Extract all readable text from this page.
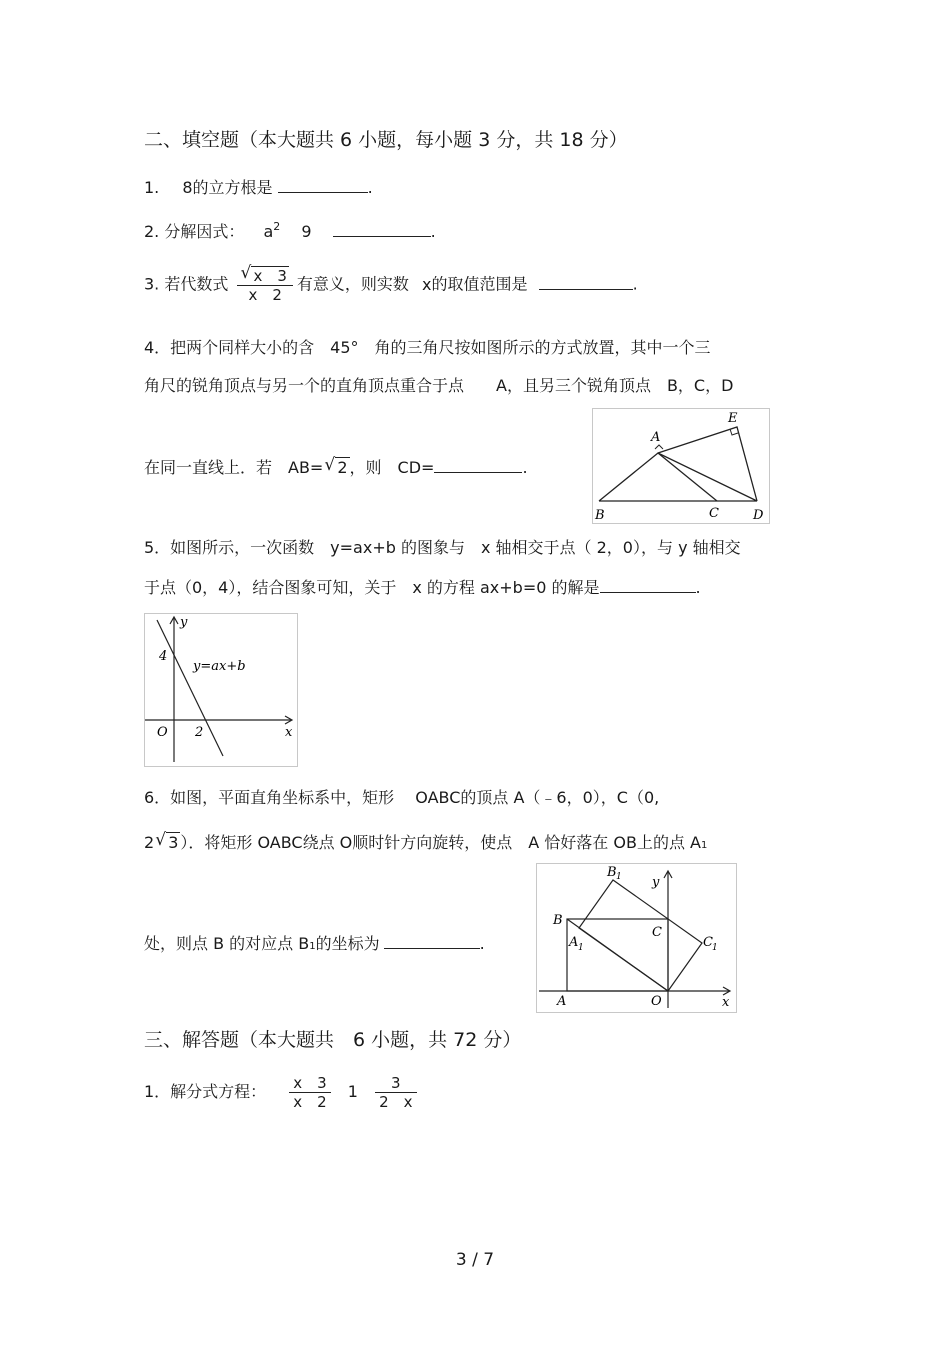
二、填空题（本大题共 6 小题，每小题 3 分，共 18 分）
1. 8的立方根是	.
2. 分解因式： $a^2$ 9	.
3. 若代数式 √ $\frac{x 3}{x 2}$ 有意义，则实数 x的取值范围是	.
4．把两个同样大小的含　45°　角的三角尺按如图所示的方式放置，其中一个三
角尺的锐角顶点与另一个的直角顶点重合于点　　A，且另三个锐角顶点　B，C，D
在同一直线上．若　AB= √ 2 ，则　CD=	.
A
E
B	C	D
5．如图所示，一次函数　y=ax+b 的图象与　x 轴相交于点（ 2，0），与 y 轴相交
于点（0，4），结合图象可知，关于　x 的方程 ax+b=0 的解是	.
y
x
O
4
2
y=ax+b
6．如图，平面直角坐标系中，矩形　 OABC的顶点 A（﹣6，0），C（0,
2 √ 3 ）．将矩形 OABC绕点 O顺时针方向旋转，使点　A 恰好落在 OB上的点 A1
处，则点 B 的对应点 B1的坐标为	.
B 1 y
B
A 1
C
C 1
A	O	x
三、解答题（本大题共　6 小题，共 72 分）
1．解分式方程： $\frac{x 3}{x 2} 1 \frac{3}{2 x}$
3 / 7
